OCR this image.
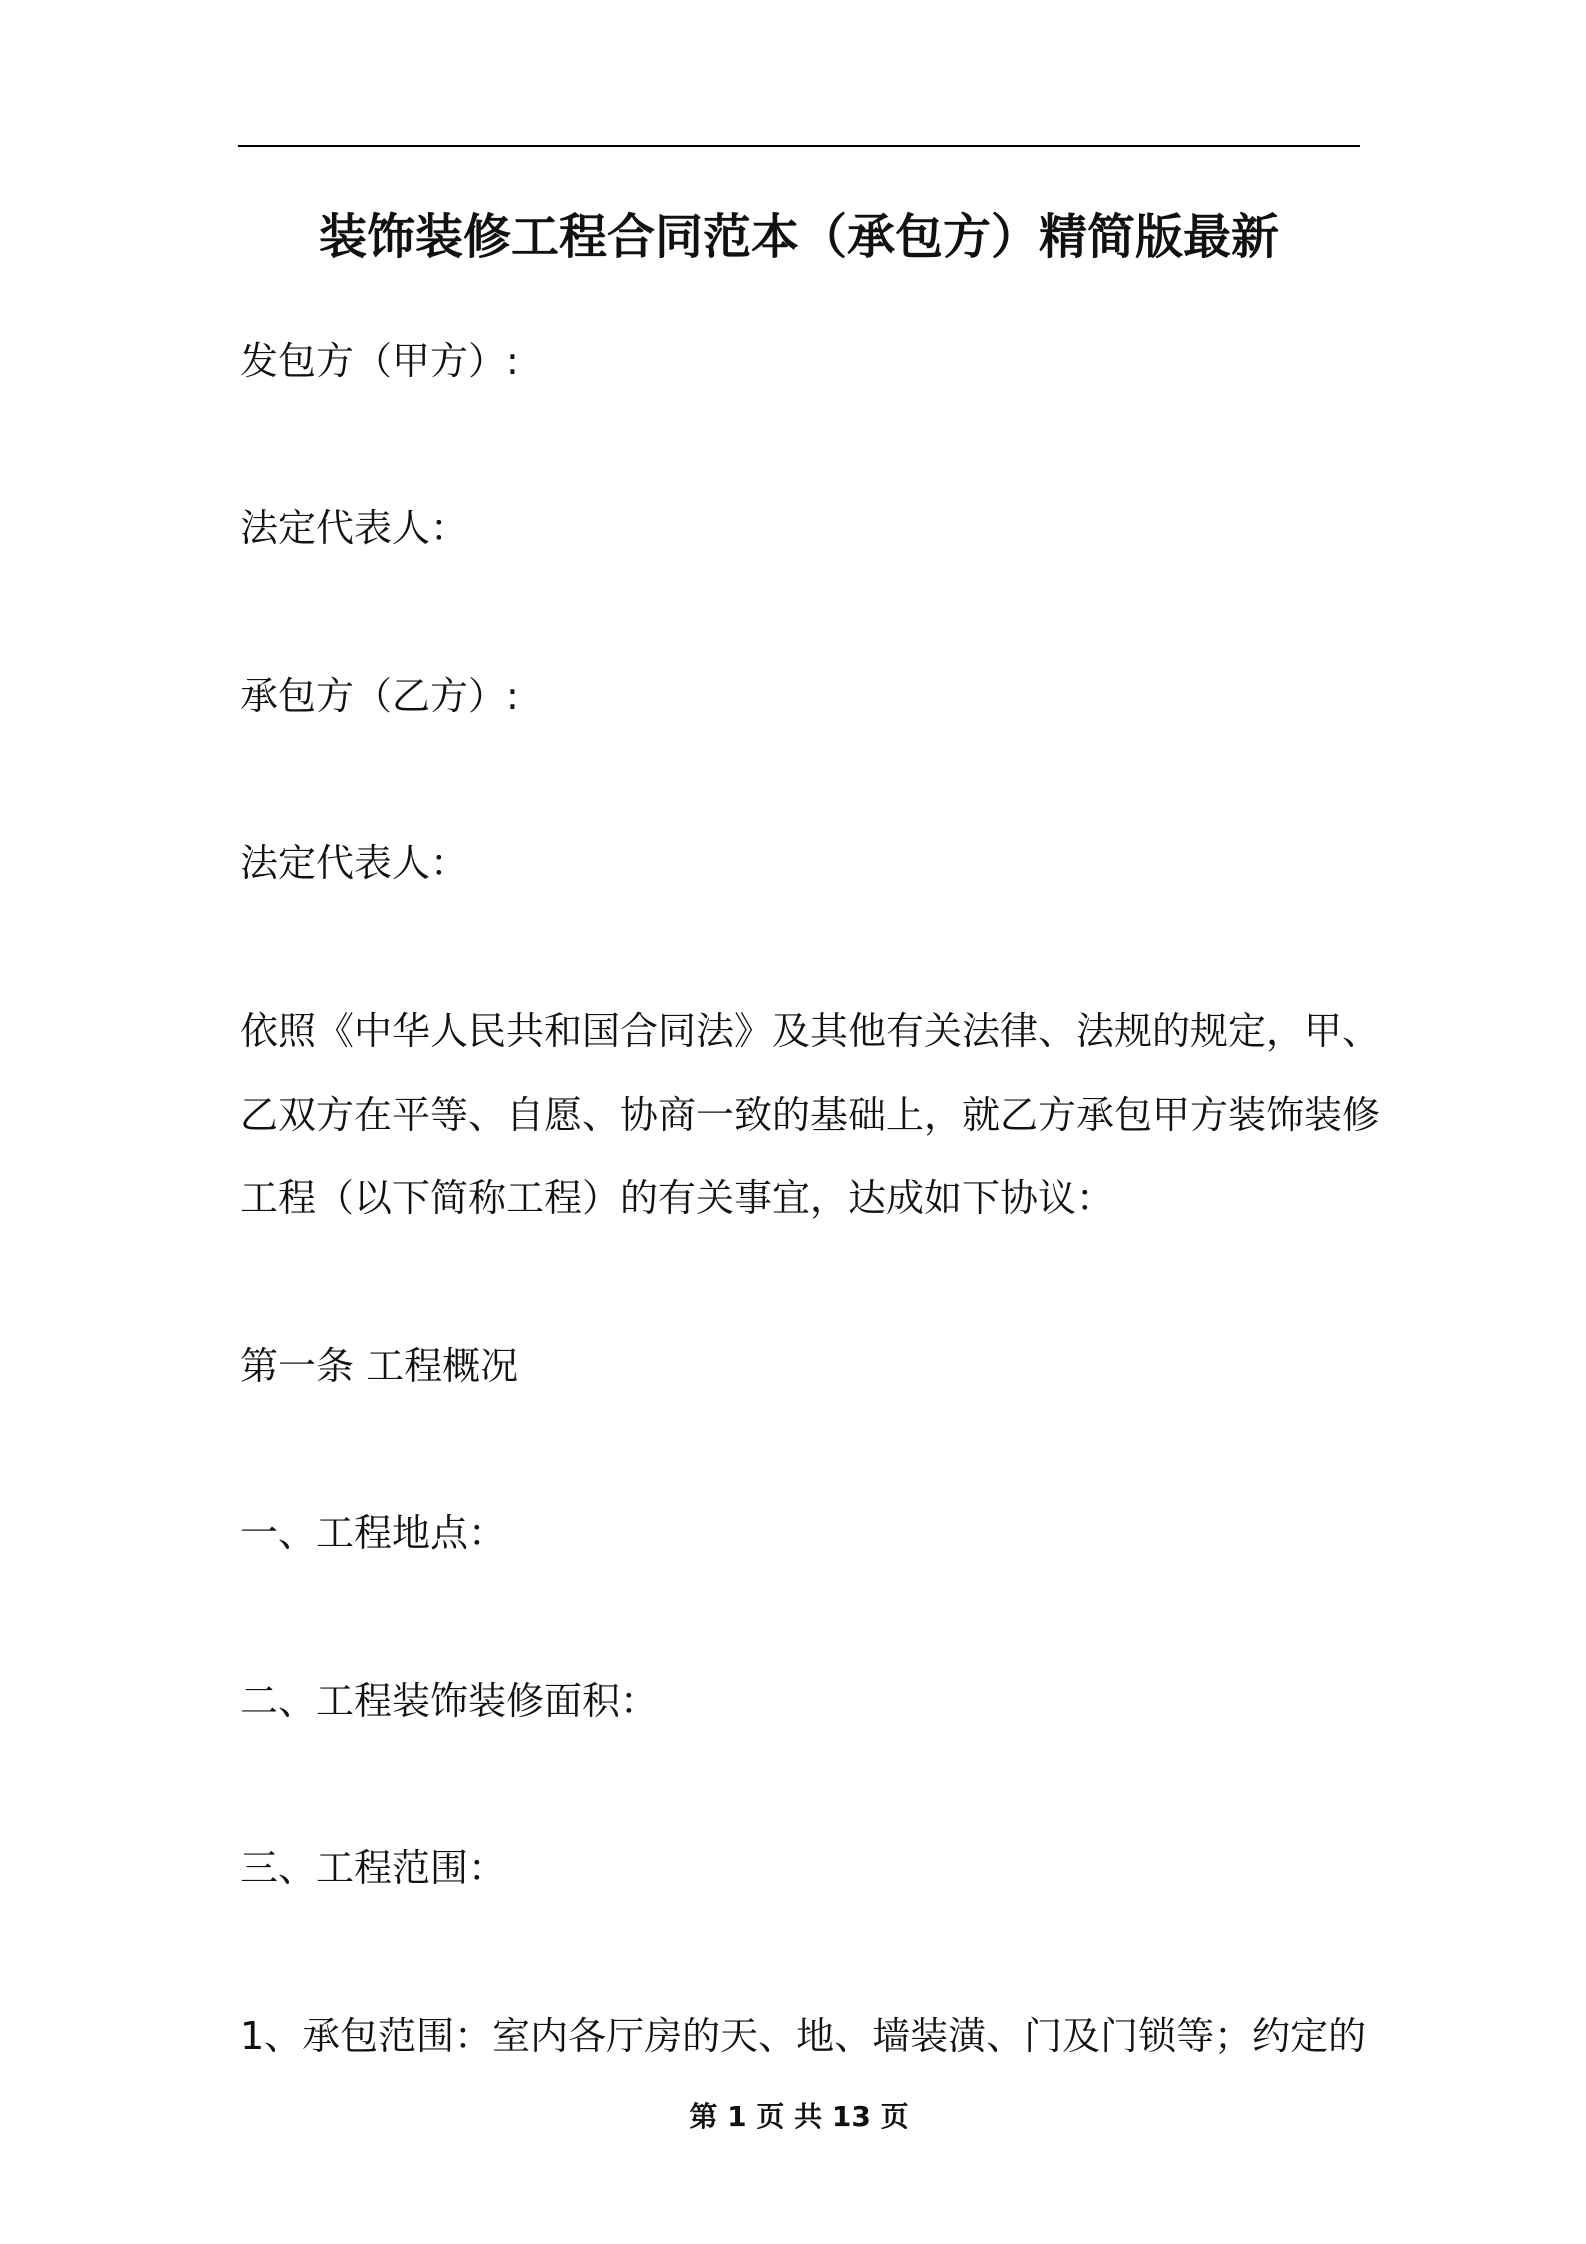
装饰装修工程合同范本（承包方）精简版最新
发包方（甲方）:
法定代表人：
承包方（乙方）:
法定代表人：
依照《中华人民共和国合同法》及其他有关法律、法规的规定，甲、
乙双方在平等、自愿、协商一致的基础上，就乙方承包甲方装饰装修
工程（以下简称工程）的有关事宜，达成如下协议：
第一条 工程概况
一、工程地点：
二、工程装饰装修面积：
三、工程范围：
1、承包范围：室内各厅房的天、地、墙装潢、门及门锁等；约定的
第 1 页 共 13 页
